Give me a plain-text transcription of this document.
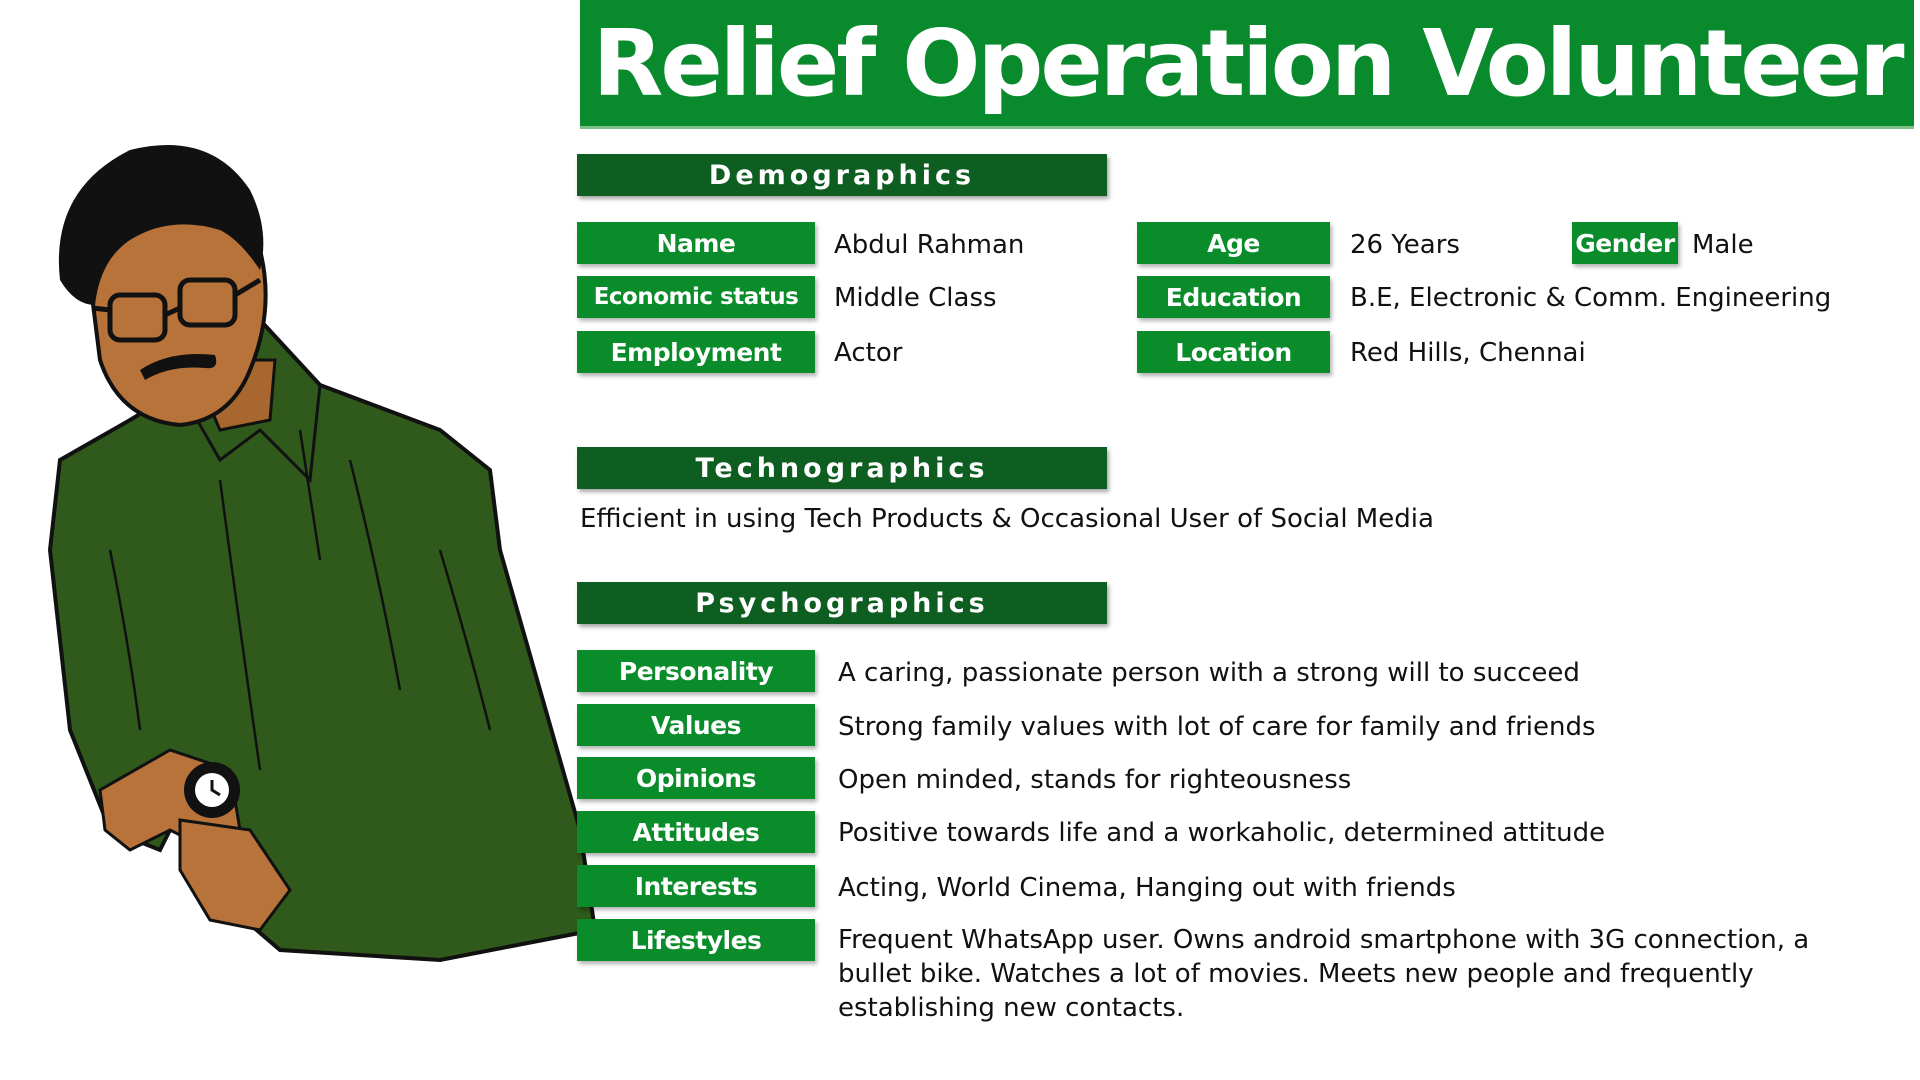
Relief Operation Volunteer
Demographics
Name	Abdul Rahman
Economic status	Middle Class
Employment	Actor
Age	26 Years	Gender Male
Education	B.E, Electronic & Comm. Engineering
Location	Red Hills, Chennai
Technographics
Efficient in using Tech Products & Occasional User of Social Media
Psychographics
Personality	A caring, passionate person with a strong will to succeed
Values	Strong family values with lot of care for family and friends
Opinions	Open minded, stands for righteousness
Attitudes	Positive towards life and a workaholic, determined attitude
Interests	Acting, World Cinema, Hanging out with friends
Lifestyles	Frequent WhatsApp user. Owns android smartphone with 3G connection, a bullet bike. Watches a lot of movies. Meets new people and frequently establishing new contacts.
